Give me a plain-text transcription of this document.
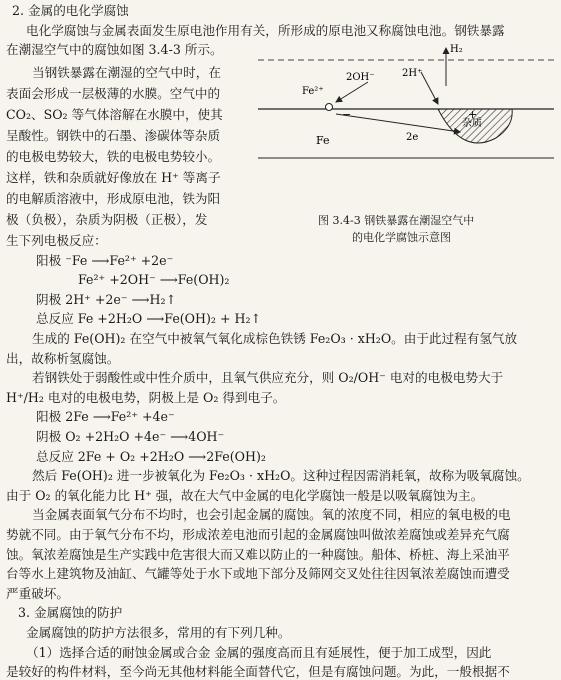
2. 金属的电化学腐蚀
电化学腐蚀与金属表面发生原电池作用有关，所形成的原电池又称腐蚀电池。钢铁暴露
在潮湿空气中的腐蚀如图 3.4-3 所示。
当钢铁暴露在潮湿的空气中时，在
表面会形成一层极薄的水膜。空气中的
CO₂、SO₂ 等气体溶解在水膜中，使其
呈酸性。钢铁中的石墨、渗碳体等杂质
的电极电势较大，铁的电极电势较小。
这样，铁和杂质就好像放在 H⁺ 等离子
的电解质溶液中，形成原电池，铁为阳
极（负极），杂质为阴极（正极），发
生下列电极反应：
H₂
2H⁺
2OH⁻
Fe²⁺
−	+
Fe	2e
杂质
图 3.4-3 钢铁暴露在潮湿空气中
的电化学腐蚀示意图
阳极 ⁻Fe ⟶Fe²⁺ +2e⁻
Fe²⁺ +2OH⁻ ⟶Fe(OH)₂
阴极 2H⁺ +2e⁻ ⟶H₂↑
总反应 Fe +2H₂O ⟶Fe(OH)₂ + H₂↑
生成的 Fe(OH)₂ 在空气中被氧气氧化成棕色铁锈 Fe₂O₃ · xH₂O。由于此过程有氢气放
出，故称析氢腐蚀。
若钢铁处于弱酸性或中性介质中，且氧气供应充分，则 O₂/OH⁻ 电对的电极电势大于
H⁺/H₂ 电对的电极电势，阴极上是 O₂ 得到电子。
阳极 2Fe ⟶Fe²⁺ +4e⁻
阴极 O₂ +2H₂O +4e⁻ ⟶4OH⁻
总反应 2Fe + O₂ +2H₂O ⟶2Fe(OH)₂
然后 Fe(OH)₂ 进一步被氧化为 Fe₂O₃ · xH₂O。这种过程因需消耗氧，故称为吸氧腐蚀。
由于 O₂ 的氧化能力比 H⁺ 强，故在大气中金属的电化学腐蚀一般是以吸氧腐蚀为主。
当金属表面氧气分布不均时，也会引起金属的腐蚀。氧的浓度不同，相应的氧电极的电
势就不同。由于氧气分布不均，形成浓差电池而引起的金属腐蚀叫做浓差腐蚀或差异充气腐
蚀。氧浓差腐蚀是生产实践中危害很大而又难以防止的一种腐蚀。船体、桥桩、海上采油平
台等水上建筑物及油缸、气罐等处于水下或地下部分及筛网交叉处往往因氧浓差腐蚀而遭受
严重破坏。
3. 金属腐蚀的防护
金属腐蚀的防护方法很多，常用的有下列几种。
（1）选择合适的耐蚀金属或合金 金属的强度高而且有延展性，便于加工成型，因此
是较好的构件材料，至今尚无其他材料能全面替代它，但是有腐蚀问题。为此，一般根据不
